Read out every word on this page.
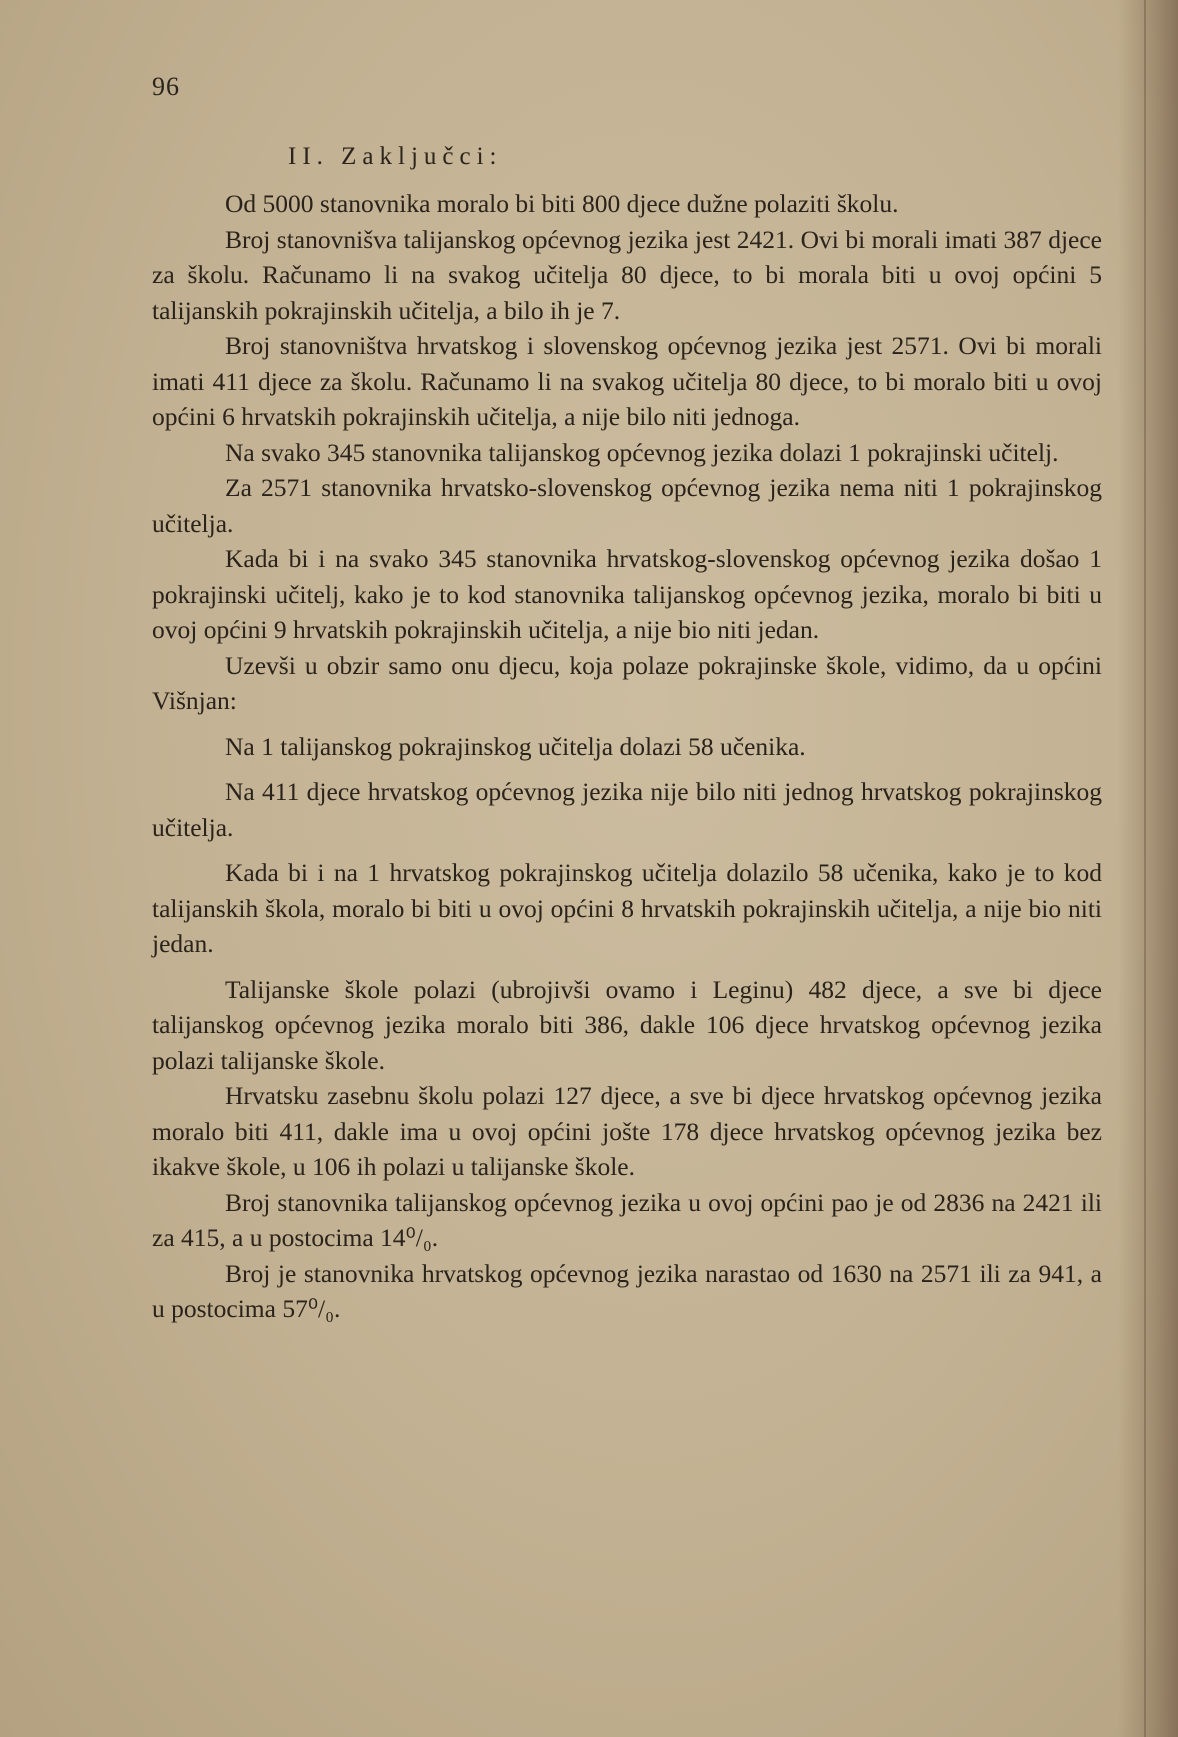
96
II. Zaključci:

Od 5000 stanovnika moralo bi biti 800 djece dužne polaziti školu.

Broj stanovnišva talijanskog općevnog jezika jest 2421. Ovi bi morali imati 387 djece za školu. Računamo li na svakog učitelja 80 djece, to bi morala biti u ovoj općini 5 talijanskih pokrajinskih učitelja, a bilo ih je 7.

Broj stanovništva hrvatskog i slovenskog općevnog jezika jest 2571. Ovi bi morali imati 411 djece za školu. Računamo li na svakog učitelja 80 djece, to bi moralo biti u ovoj općini 6 hrvatskih pokrajinskih učitelja, a nije bilo niti jednoga.

Na svako 345 stanovnika talijanskog općevnog jezika dolazi 1 pokrajinski učitelj.

Za 2571 stanovnika hrvatsko-slovenskog općevnog jezika nema niti 1 pokrajinskog učitelja.

Kada bi i na svako 345 stanovnika hrvatskog-slovenskog općevnog jezika došao 1 pokrajinski učitelj, kako je to kod stanovnika talijanskog općevnog jezika, moralo bi biti u ovoj općini 9 hrvatskih pokrajinskih učitelja, a nije bio niti jedan.

Uzevši u obzir samo onu djecu, koja polaze pokrajinske škole, vidimo, da u općini Višnjan:

Na 1 talijanskog pokrajinskog učitelja dolazi 58 učenika.

Na 411 djece hrvatskog općevnog jezika nije bilo niti jednog hrvatskog pokrajinskog učitelja.

Kada bi i na 1 hrvatskog pokrajinskog učitelja dolazilo 58 učenika, kako je to kod talijanskih škola, moralo bi biti u ovoj općini 8 hrvatskih pokrajinskih učitelja, a nije bio niti jedan.

Talijanske škole polazi (ubrojivši ovamo i Leginu) 482 djece, a sve bi djece talijanskog općevnog jezika moralo biti 386, dakle 106 djece hrvatskog općevnog jezika polazi talijanske škole.

Hrvatsku zasebnu školu polazi 127 djece, a sve bi djece hrvatskog općevnog jezika moralo biti 411, dakle ima u ovoj općini jošte 178 djece hrvatskog općevnog jezika bez ikakve škole, u 106 ih polazi u talijanske škole.

Broj stanovnika talijanskog općevnog jezika u ovoj općini pao je od 2836 na 2421 ili za 415, a u postocima 14⁰/₀.

Broj je stanovnika hrvatskog općevnog jezika narastao od 1630 na 2571 ili za 941, a u postocima 57⁰/₀.
